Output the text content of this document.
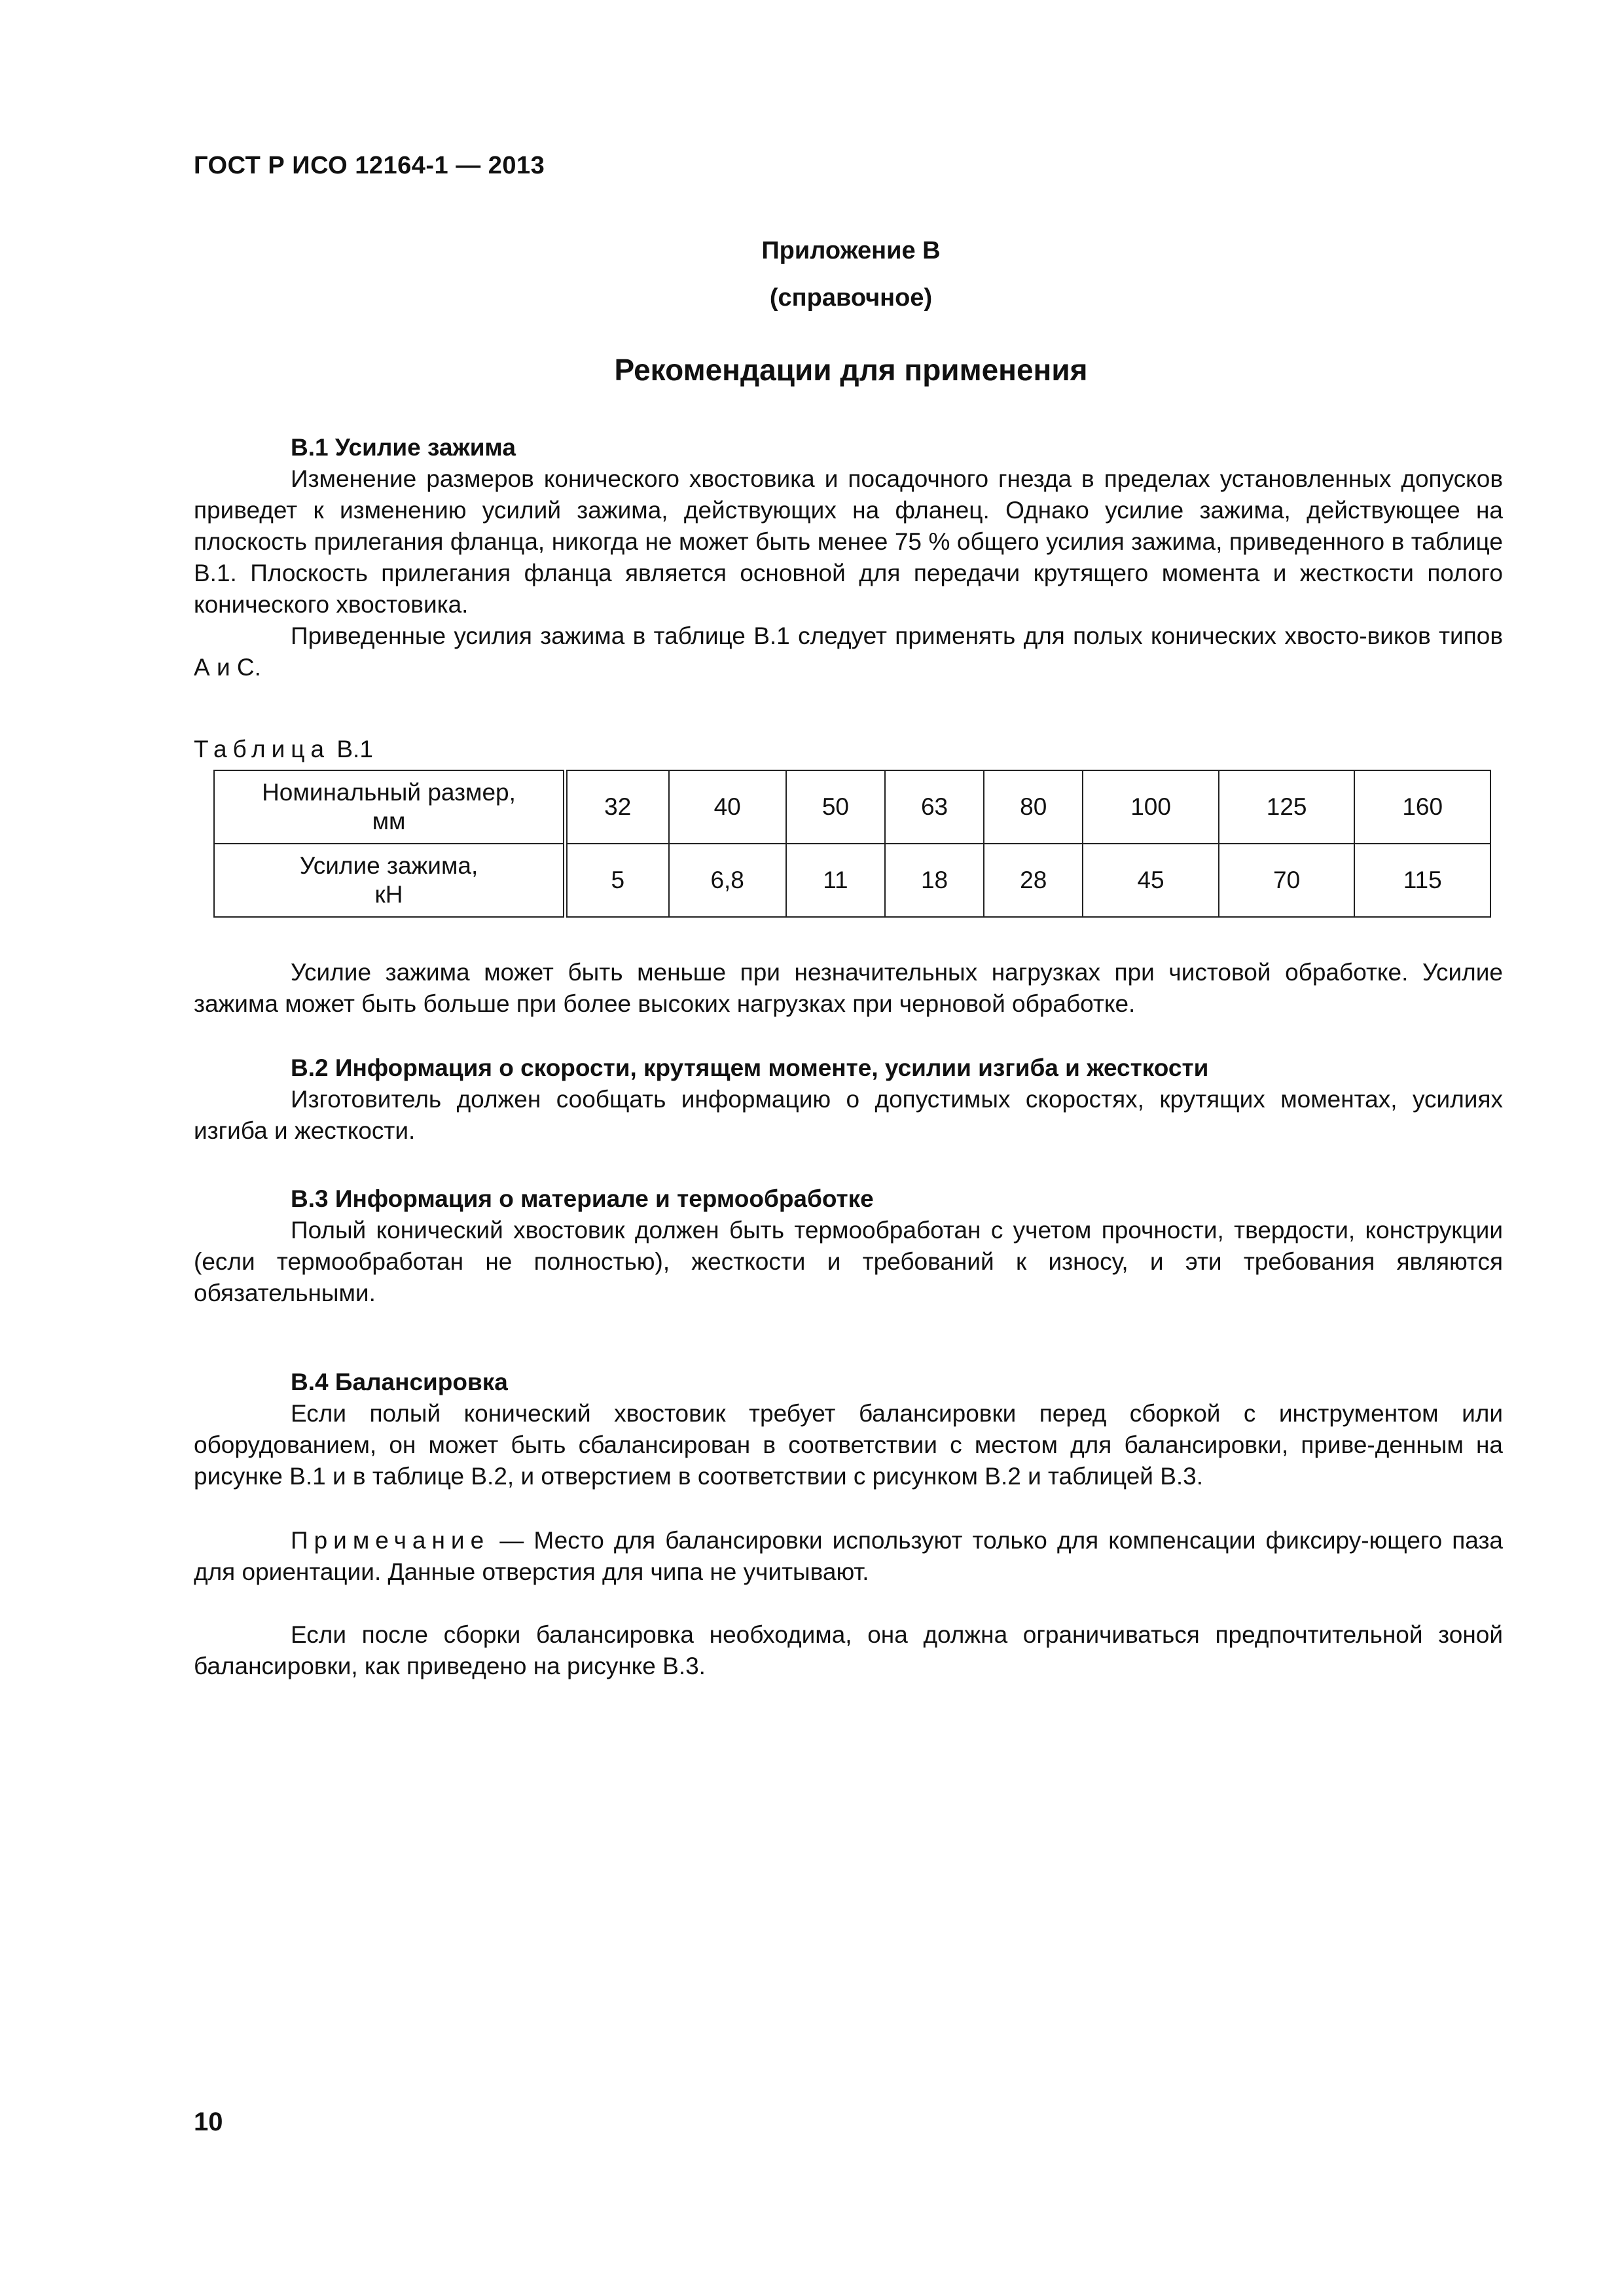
ГОСТ Р ИСО 12164-1 — 2013
Приложение В
(справочное)
Рекомендации для применения

В.1 Усилие зажима

Изменение размеров конического хвостовика и посадочного гнезда в пределах установленных допусков приведет к изменению усилий зажима, действующих на фланец. Однако усилие зажима, действующее на плоскость прилегания фланца, никогда не может быть менее 75 % общего усилия зажима, приведенного в таблице В.1. Плоскость прилегания фланца является основной для передачи крутящего момента и жесткости полого конического хвостовика.

Приведенные усилия зажима в таблице В.1 следует применять для полых конических хвосто-виков типов А и С.

Таблица В.1
Номинальный размер,
мм	32	40	50	63	80	100	125	160

Усилие зажима,
кН	5	6,8	11	18	28	45	70	115

Усилие зажима может быть меньше при незначительных нагрузках при чистовой обработке. Усилие зажима может быть больше при более высоких нагрузках при черновой обработке.

В.2 Информация о скорости, крутящем моменте, усилии изгиба и жесткости

Изготовитель должен сообщать информацию о допустимых скоростях, крутящих моментах, усилиях изгиба и жесткости.

В.3 Информация о материале и термообработке

Полый конический хвостовик должен быть термообработан с учетом прочности, твердости, конструкции (если термообработан не полностью), жесткости и требований к износу, и эти требования являются обязательными.

В.4 Балансировка

Если полый конический хвостовик требует балансировки перед сборкой с инструментом или оборудованием, он может быть сбалансирован в соответствии с местом для балансировки, приве-денным на рисунке В.1 и в таблице В.2, и отверстием в соответствии с рисунком В.2 и таблицей В.3.

Примечание — Место для балансировки используют только для компенсации фиксиру-ющего паза для ориентации. Данные отверстия для чипа не учитывают.

Если после сборки балансировка необходима, она должна ограничиваться предпочтительной зоной балансировки, как приведено на рисунке В.3.

10
